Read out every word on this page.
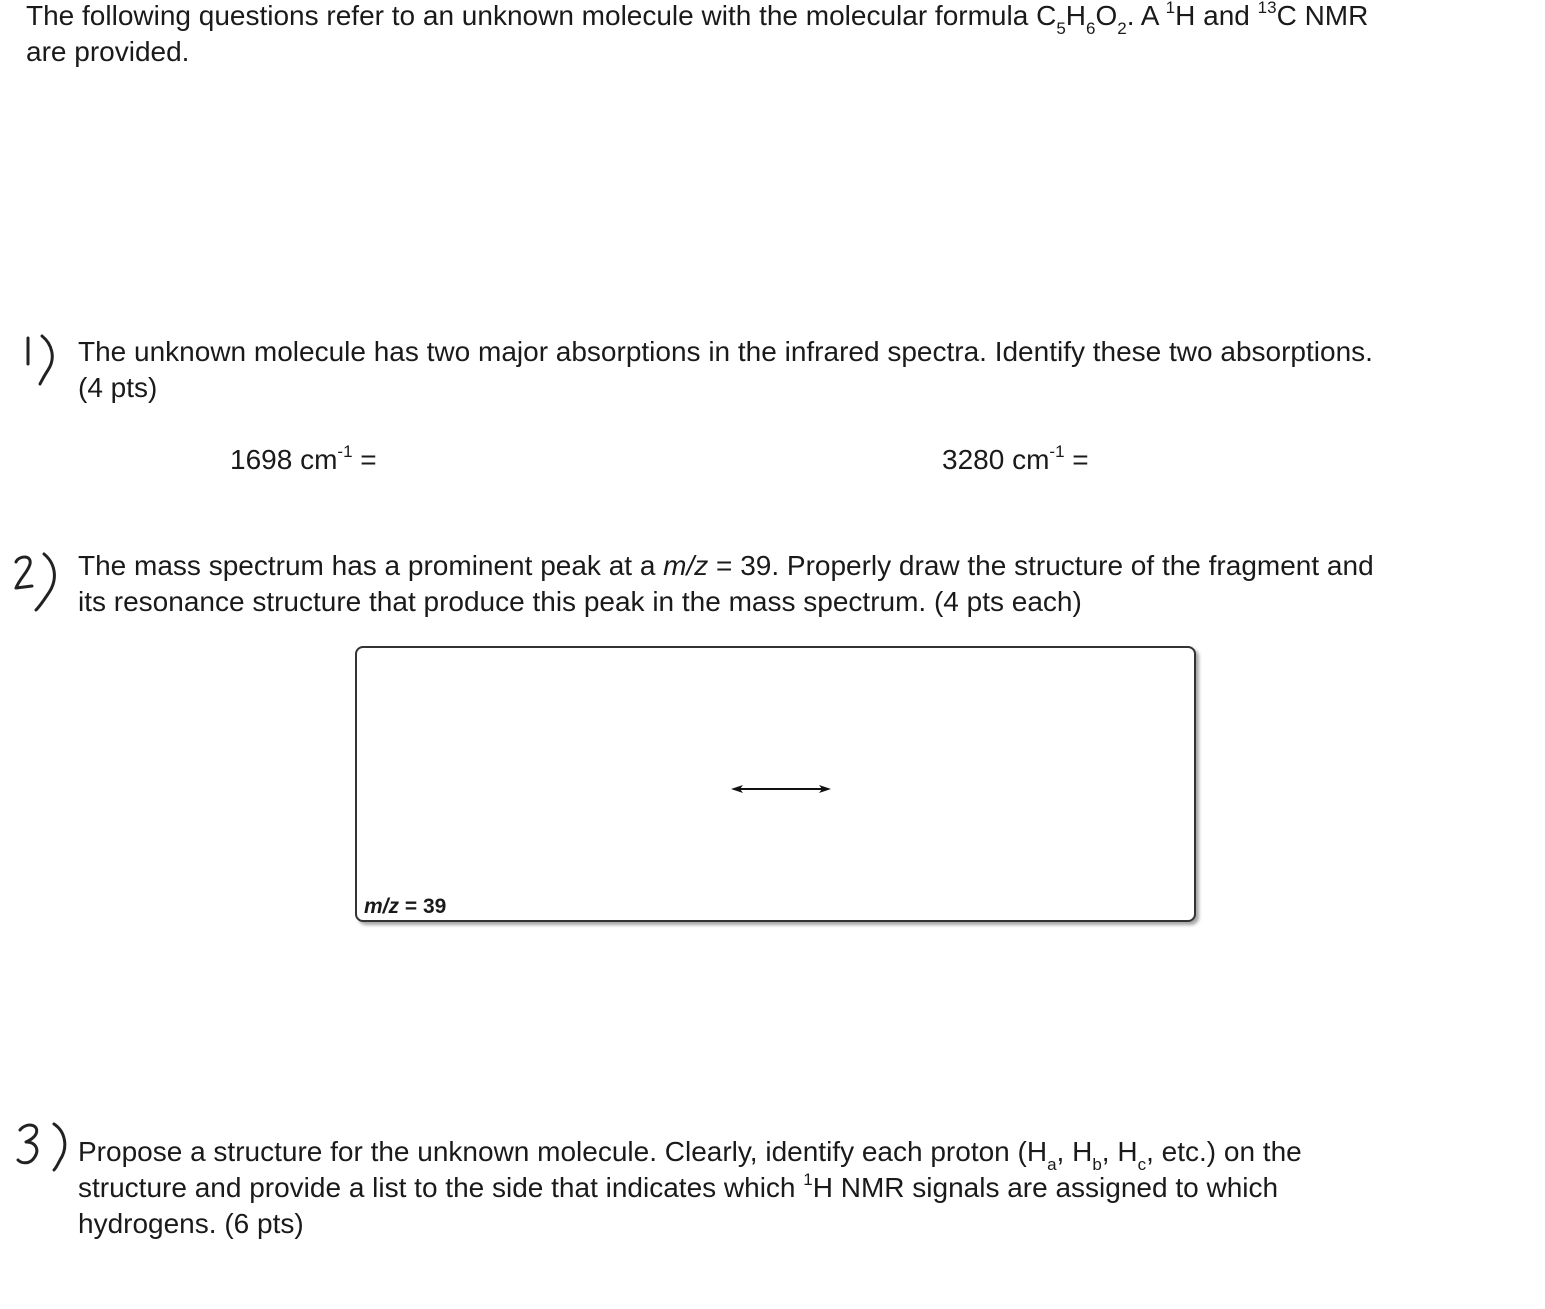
The following questions refer to an unknown molecule with the molecular formula $C_5H_6O_2$. A $^1$H and $^{13}$C NMR
are provided.
The unknown molecule has two major absorptions in the infrared spectra. Identify these two absorptions.
(4 pts)
1698 $cm^{-1}$ =	3280 $cm^{-1}$ =
The mass spectrum has a prominent peak at a m/z = 39. Properly draw the structure of the fragment and
its resonance structure that produce this peak in the mass spectrum. (4 pts each)
m/z = 39
Propose a structure for the unknown molecule. Clearly, identify each proton ($H_a$, $H_b$, $H_c$, etc.) on the
structure and provide a list to the side that indicates which $^1$H NMR signals are assigned to which
hydrogens. (6 pts)
